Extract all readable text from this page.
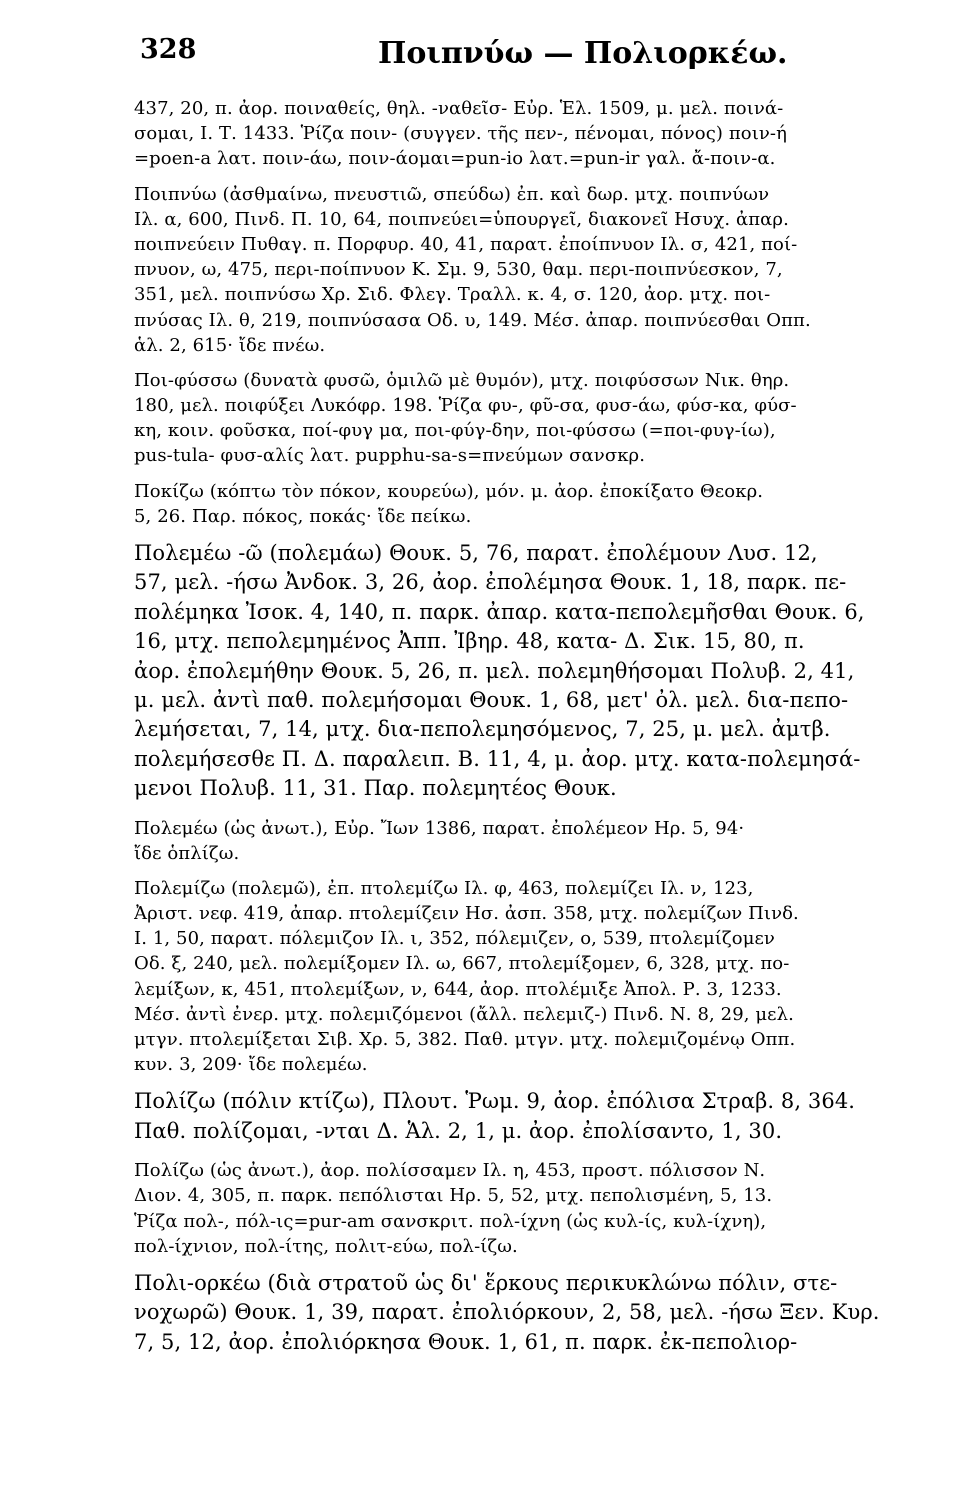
328	Ποιπνύω — Πολιορκέω.
437, 20, π. ἀορ. ποιναθείς, θηλ. -ναθεῖσ- Εὐρ. Ἑλ. 1509, μ. μελ. ποινά-
σομαι, Ι. Τ. 1433. Ῥίζα ποιν- (συγγεν. τῆς πεν-, πένομαι, πόνος) ποιν-ή
=poen-a λατ. ποιν-άω, ποιν-άομαι=pun-io λατ.=pun-ir γαλ. ἄ-ποιν-α.
Ποιπνύω (ἀσθμαίνω, πνευστιῶ, σπεύδω) ἐπ. καὶ δωρ. μτχ. ποιπνύων
Ιλ. α, 600, Πινδ. Π. 10, 64, ποιπνεύει=ὑπουργεῖ, διακονεῖ Ησυχ. ἀπαρ.
ποιπνεύειν Πυθαγ. π. Πορφυρ. 40, 41, παρατ. ἐποίπνυον Ιλ. σ, 421, ποί-
πνυον, ω, 475, περι-ποίπνυον Κ. Σμ. 9, 530, θαμ. περι-ποιπνύεσκον, 7,
351, μελ. ποιπνύσω Χρ. Σιδ. Φλεγ. Τραλλ. κ. 4, σ. 120, ἀορ. μτχ. ποι-
πνύσας Ιλ. θ, 219, ποιπνύσασα Οδ. υ, 149. Μέσ. ἀπαρ. ποιπνύεσθαι Οππ.
ἁλ. 2, 615· ἴδε πνέω.
Ποι-φύσσω (δυνατὰ φυσῶ, ὁμιλῶ μὲ θυμόν), μτχ. ποιφύσσων Νικ. θηρ.
180, μελ. ποιφύξει Λυκόφρ. 198. Ῥίζα φυ-, φῦ-σα, φυσ-άω, φύσ-κα, φύσ-
κη, κοιν. φοῦσκα, ποί-φυγ μα, ποι-φύγ-δην, ποι-φύσσω (=ποι-φυγ-ίω),
pus-tula- φυσ-αλίς λατ. pupphu-sa-s=πνεύμων σανσκρ.
Ποκίζω (κόπτω τὸν πόκον, κουρεύω), μόν. μ. ἀορ. ἐποκίξατο Θεοκρ.
5, 26. Παρ. πόκος, ποκάς· ἴδε πείκω.
Πολεμέω -ῶ (πολεμάω) Θουκ. 5, 76, παρατ. ἐπολέμουν Λυσ. 12,
57, μελ. -ήσω Ἀνδοκ. 3, 26, ἀορ. ἐπολέμησα Θουκ. 1, 18, παρκ. πε-
πολέμηκα Ἰσοκ. 4, 140, π. παρκ. ἀπαρ. κατα-πεπολεμῆσθαι Θουκ. 6,
16, μτχ. πεπολεμημένος Ἀππ. Ἰβηρ. 48, κατα- Δ. Σικ. 15, 80, π.
ἀορ. ἐπολεμήθην Θουκ. 5, 26, π. μελ. πολεμηθήσομαι Πολυβ. 2, 41,
μ. μελ. ἀντὶ παθ. πολεμήσομαι Θουκ. 1, 68, μετ' ὀλ. μελ. δια-πεπο-
λεμήσεται, 7, 14, μτχ. δια-πεπολεμησόμενος, 7, 25, μ. μελ. ἀμτβ.
πολεμήσεσθε Π. Δ. παραλειπ. Β. 11, 4, μ. ἀορ. μτχ. κατα-πολεμησά-
μενοι Πολυβ. 11, 31. Παρ. πολεμητέος Θουκ.
Πολεμέω (ὡς ἀνωτ.), Εὐρ. Ἴων 1386, παρατ. ἐπολέμεον Ηρ. 5, 94·
ἴδε ὁπλίζω.
Πολεμίζω (πολεμῶ), ἐπ. πτολεμίζω Ιλ. φ, 463, πολεμίζει Ιλ. ν, 123,
Ἀριστ. νεφ. 419, ἀπαρ. πτολεμίζειν Ησ. ἀσπ. 358, μτχ. πολεμίζων Πινδ.
Ι. 1, 50, παρατ. πόλεμιζον Ιλ. ι, 352, πόλεμιζεν, ο, 539, πτολεμίζομεν
Οδ. ξ, 240, μελ. πολεμίξομεν Ιλ. ω, 667, πτολεμίξομεν, 6, 328, μτχ. πο-
λεμίξων, κ, 451, πτολεμίξων, ν, 644, ἀορ. πτολέμιξε Ἀπολ. Ρ. 3, 1233.
Μέσ. ἀντὶ ἐνερ. μτχ. πολεμιζόμενοι (ἄλλ. πελεμιζ-) Πινδ. Ν. 8, 29, μελ.
μτγν. πτολεμίξεται Σιβ. Χρ. 5, 382. Παθ. μτγν. μτχ. πολεμιζομένῳ Οππ.
κυν. 3, 209· ἴδε πολεμέω.
Πολίζω (πόλιν κτίζω), Πλουτ. Ῥωμ. 9, ἀορ. ἐπόλισα Στραβ. 8, 364.
Παθ. πολίζομαι, -νται Δ. Ἁλ. 2, 1, μ. ἀορ. ἐπολίσαντο, 1, 30.
Πολίζω (ὡς ἀνωτ.), ἀορ. πολίσσαμεν Ιλ. η, 453, προστ. πόλισσον Ν.
Διον. 4, 305, π. παρκ. πεπόλισται Ηρ. 5, 52, μτχ. πεπολισμένη, 5, 13.
Ῥίζα πολ-, πόλ-ις=pur-am σανσκριτ. πολ-ίχνη (ὡς κυλ-ίς, κυλ-ίχνη),
πολ-ίχνιον, πολ-ίτης, πολιτ-εύω, πολ-ίζω.
Πολι-ορκέω (διὰ στρατοῦ ὡς δι' ἕρκους περικυκλώνω πόλιν, στε-
νοχωρῶ) Θουκ. 1, 39, παρατ. ἐπολιόρκουν, 2, 58, μελ. -ήσω Ξεν. Κυρ.
7, 5, 12, ἀορ. ἐπολιόρκησα Θουκ. 1, 61, π. παρκ. ἐκ-πεπολιορ-
